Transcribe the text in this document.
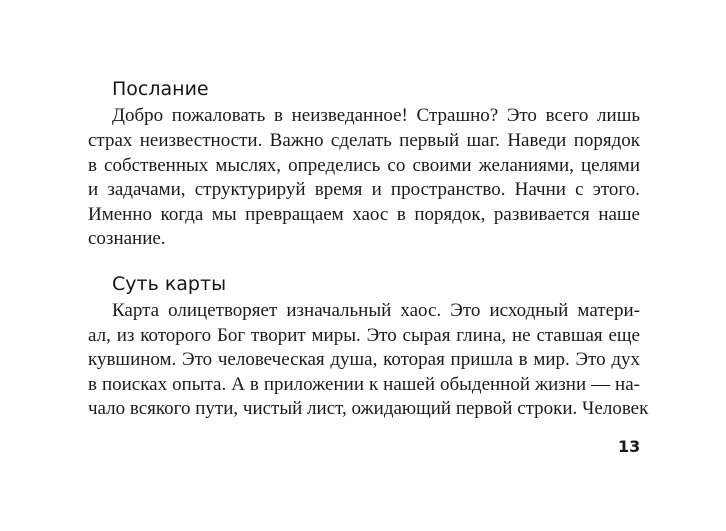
Послание
Добро пожаловать в неизведанное! Страшно? Это всего лишь
страх неизвестности. Важно сделать первый шаг. Наведи порядок
в собственных мыслях, определись со своими желаниями, целями
и задачами, структурируй время и пространство. Начни с этого.
Именно когда мы превращаем хаос в порядок, развивается наше
сознание.
Суть карты
Карта олицетворяет изначальный хаос. Это исходный матери-
ал, из которого Бог творит миры. Это сырая глина, не ставшая еще
кувшином. Это человеческая душа, которая пришла в мир. Это дух
в поисках опыта. А в приложении к нашей обыденной жизни — на-
чало всякого пути, чистый лист, ожидающий первой строки. Человек
13
